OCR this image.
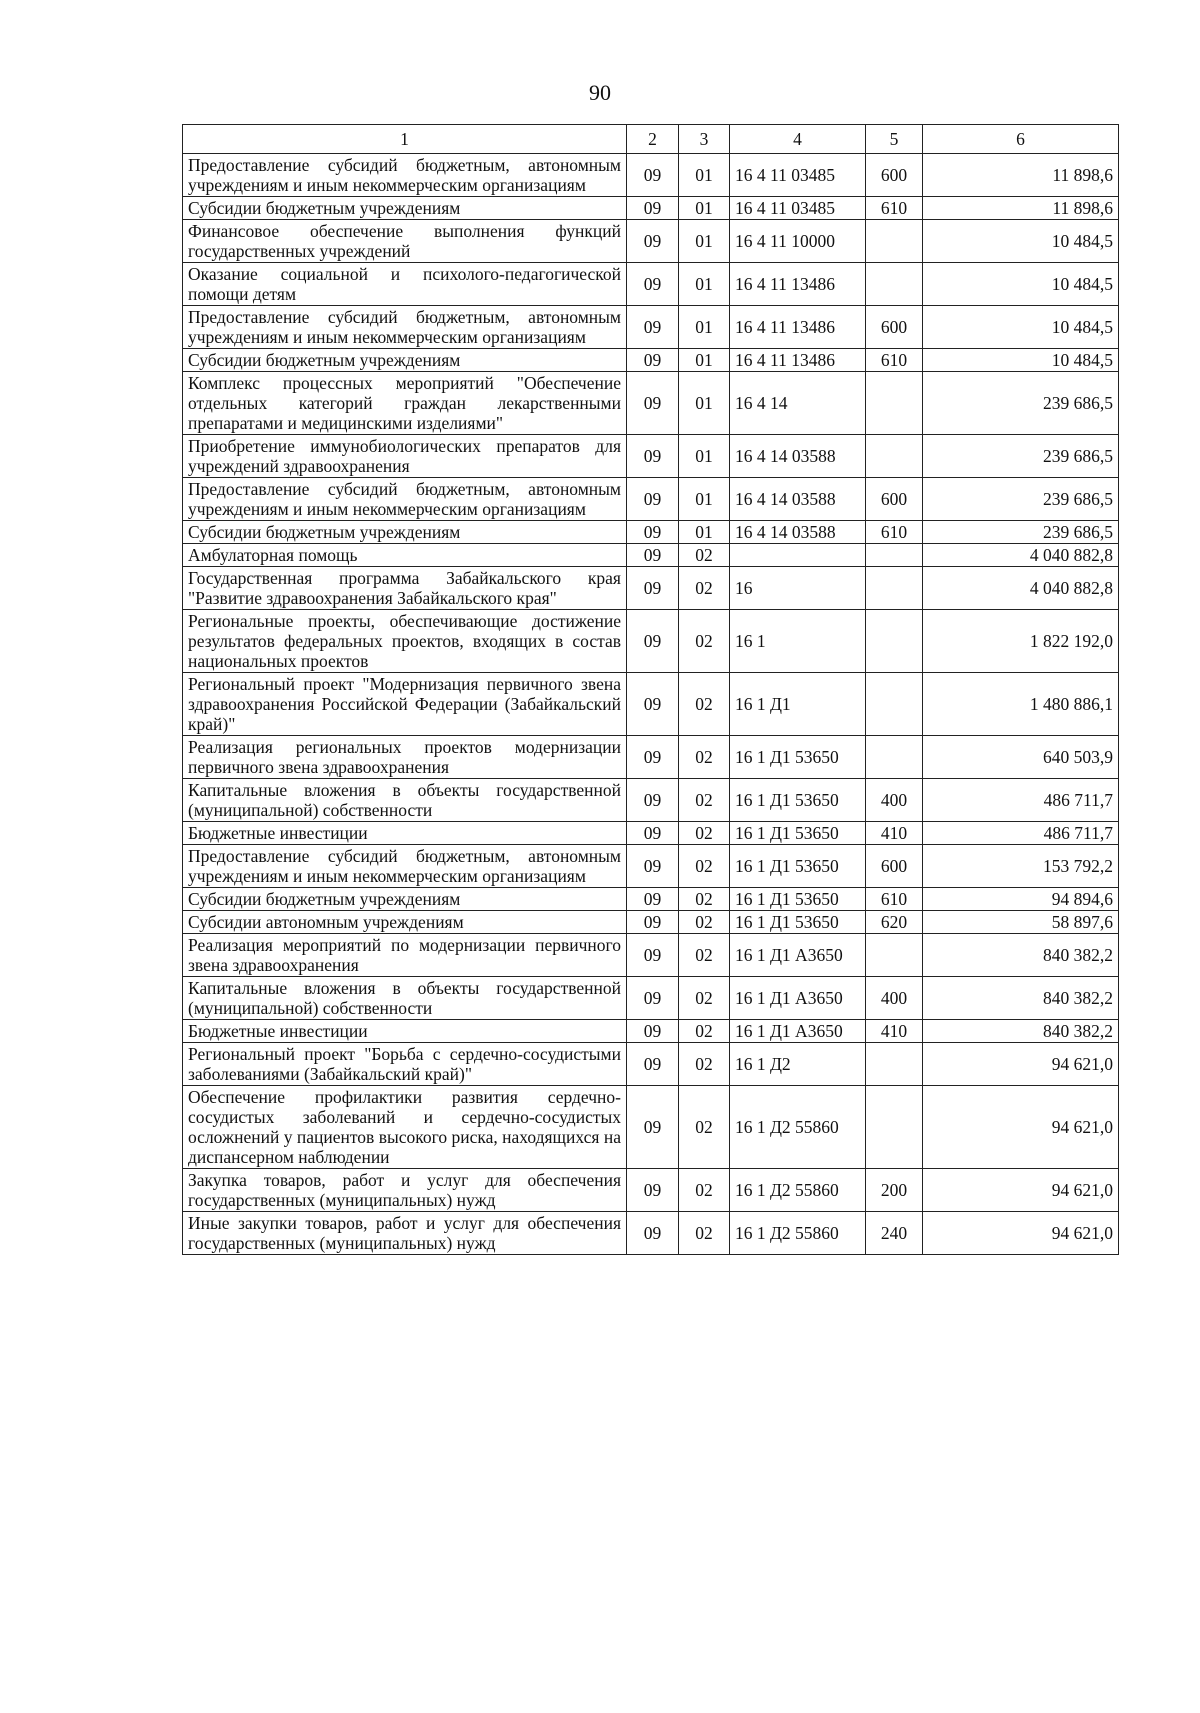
90
1	2	3	4	5	6
Предоставление субсидий бюджетным, автономным учреждениям и иным некоммерческим организациям	09	01	16 4 11 03485	600	11 898,6
Субсидии бюджетным учреждениям	09	01	16 4 11 03485	610	11 898,6
Финансовое обеспечение выполнения функций государственных учреждений	09	01	16 4 11 10000		10 484,5
Оказание социальной и психолого-педагогической помощи детям	09	01	16 4 11 13486		10 484,5
Предоставление субсидий бюджетным, автономным учреждениям и иным некоммерческим организациям	09	01	16 4 11 13486	600	10 484,5
Субсидии бюджетным учреждениям	09	01	16 4 11 13486	610	10 484,5
Комплекс процессных мероприятий "Обеспечение отдельных категорий граждан лекарственными препаратами и медицинскими изделиями"	09	01	16 4 14		239 686,5
Приобретение иммунобиологических препаратов для учреждений здравоохранения	09	01	16 4 14 03588		239 686,5
Предоставление субсидий бюджетным, автономным учреждениям и иным некоммерческим организациям	09	01	16 4 14 03588	600	239 686,5
Субсидии бюджетным учреждениям	09	01	16 4 14 03588	610	239 686,5
Амбулаторная помощь	09	02			4 040 882,8
Государственная программа Забайкальского края "Развитие здравоохранения Забайкальского края"	09	02	16		4 040 882,8
Региональные проекты, обеспечивающие достижение результатов федеральных проектов, входящих в состав национальных проектов	09	02	16 1		1 822 192,0
Региональный проект "Модернизация первичного звена здравоохранения Российской Федерации (Забайкальский край)"	09	02	16 1 Д1		1 480 886,1
Реализация региональных проектов модернизации первичного звена здравоохранения	09	02	16 1 Д1 53650		640 503,9
Капитальные вложения в объекты государственной (муниципальной) собственности	09	02	16 1 Д1 53650	400	486 711,7
Бюджетные инвестиции	09	02	16 1 Д1 53650	410	486 711,7
Предоставление субсидий бюджетным, автономным учреждениям и иным некоммерческим организациям	09	02	16 1 Д1 53650	600	153 792,2
Субсидии бюджетным учреждениям	09	02	16 1 Д1 53650	610	94 894,6
Субсидии автономным учреждениям	09	02	16 1 Д1 53650	620	58 897,6
Реализация мероприятий по модернизации первичного звена здравоохранения	09	02	16 1 Д1 А3650		840 382,2
Капитальные вложения в объекты государственной (муниципальной) собственности	09	02	16 1 Д1 А3650	400	840 382,2
Бюджетные инвестиции	09	02	16 1 Д1 А3650	410	840 382,2
Региональный проект "Борьба с сердечно-сосудистыми заболеваниями (Забайкальский край)"	09	02	16 1 Д2		94 621,0
Обеспечение профилактики развития сердечно-сосудистых заболеваний и сердечно-сосудистых осложнений у пациентов высокого риска, находящихся на диспансерном наблюдении	09	02	16 1 Д2 55860		94 621,0
Закупка товаров, работ и услуг для обеспечения государственных (муниципальных) нужд	09	02	16 1 Д2 55860	200	94 621,0
Иные закупки товаров, работ и услуг для обеспечения государственных (муниципальных) нужд	09	02	16 1 Д2 55860	240	94 621,0
